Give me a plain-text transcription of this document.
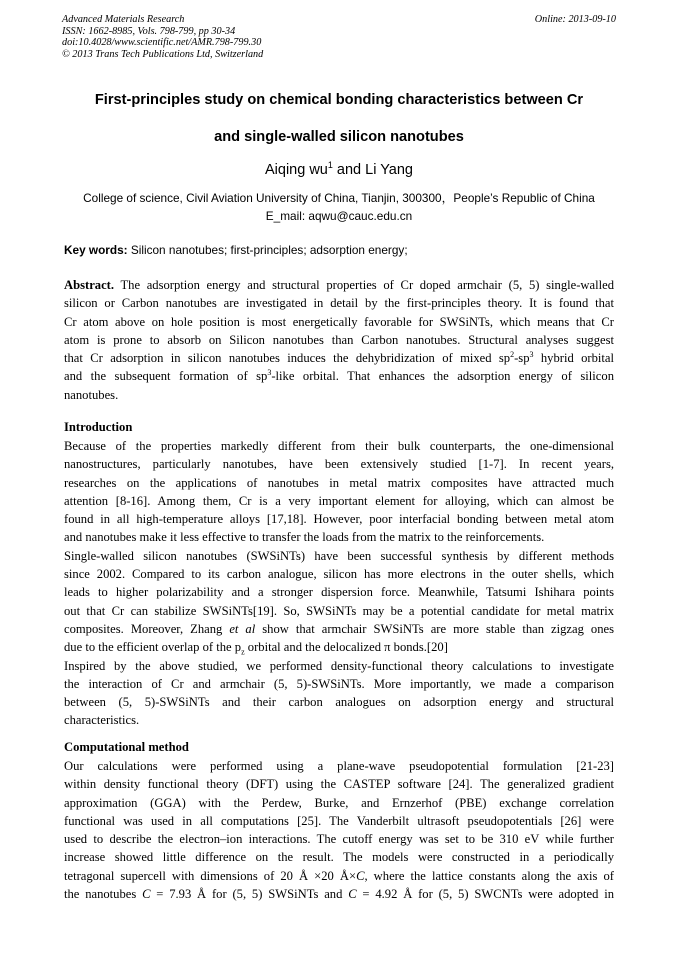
Advanced Materials Research
ISSN: 1662-8985, Vols. 798-799, pp 30-34
doi:10.4028/www.scientific.net/AMR.798-799.30
© 2013 Trans Tech Publications Ltd, Switzerland
Online: 2013-09-10
First-principles study on chemical bonding characteristics between Cr
and single-walled silicon nanotubes
Aiqing $wu^1$ and Li Yang
College of science, Civil Aviation University of China, Tianjin, 300300，People’s Republic of China
E_mail: aqwu@cauc.edu.cn
Key words: Silicon nanotubes; first-principles; adsorption energy;
Abstract. The adsorption energy and structural properties of Cr doped armchair (5, 5) single-walled
silicon or Carbon nanotubes are investigated in detail by the first-principles theory. It is found that
Cr atom above on hole position is most energetically favorable for SWSiNTs, which means that Cr
atom is prone to absorb on Silicon nanotubes than Carbon nanotubes. Structural analyses suggest
that Cr adsorption in silicon nanotubes induces the dehybridization of mixed $sp^2-sp^3$ hybrid orbital
and the subsequent formation of $sp^3$-like orbital. That enhances the adsorption energy of silicon
nanotubes.
Introduction
Because of the properties markedly different from their bulk counterparts, the one-dimensional
nanostructures, particularly nanotubes, have been extensively studied [1-7]. In recent years,
researches on the applications of nanotubes in metal matrix composites have attracted much
attention [8-16]. Among them, Cr is a very important element for alloying, which can almost be
found in all high-temperature alloys [17,18]. However, poor interfacial bonding between metal atom
and nanotubes make it less effective to transfer the loads from the matrix to the reinforcements.
Single-walled silicon nanotubes (SWSiNTs) have been successful synthesis by different methods
since 2002. Compared to its carbon analogue, silicon has more electrons in the outer shells, which
leads to higher polarizability and a stronger dispersion force. Meanwhile, Tatsumi Ishihara points
out that Cr can stabilize SWSiNTs[19]. So, SWSiNTs may be a potential candidate for metal matrix
composites. Moreover, Zhang et al show that armchair SWSiNTs are more stable than zigzag ones
due to the efficient overlap of the $p_z$ orbital and the delocalized π bonds.[20]
Inspired by the above studied, we performed density-functional theory calculations to investigate
the interaction of Cr and armchair (5, 5)-SWSiNTs. More importantly, we made a comparison
between (5, 5)-SWSiNTs and their carbon analogues on adsorption energy and structural
characteristics.
Computational method
Our calculations were performed using a plane-wave pseudopotential formulation [21-23]
within density functional theory (DFT) using the CASTEP software [24]. The generalized gradient
approximation (GGA) with the Perdew, Burke, and Ernzerhof (PBE) exchange correlation
functional was used in all computations [25]. The Vanderbilt ultrasoft pseudopotentials [26] were
used to describe the electron–ion interactions. The cutoff energy was set to be 310 eV while further
increase showed little difference on the result. The models were constructed in a periodically
tetragonal supercell with dimensions of 20 Å ×20 Å×C, where the lattice constants along the axis of
the nanotubes C = 7.93 Å for (5, 5) SWSiNTs and C = 4.92 Å for (5, 5) SWCNTs were adopted in
